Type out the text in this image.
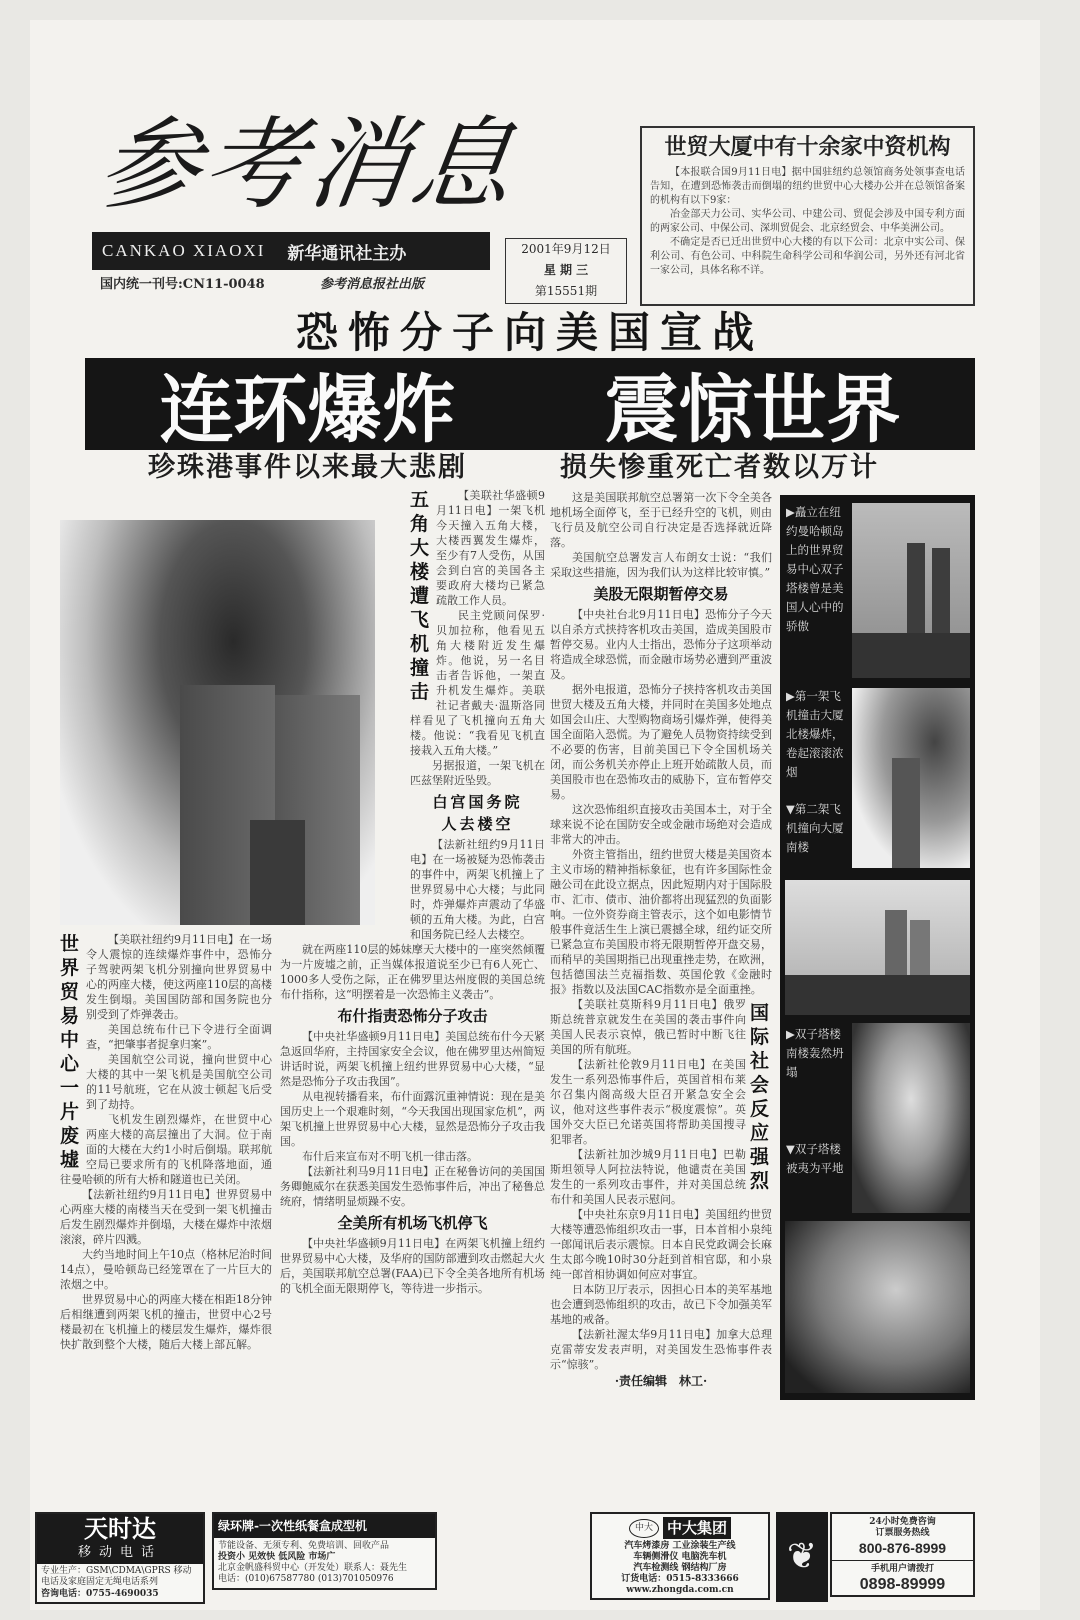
参考消息
CANKAO XIAOXI 新华通讯社主办
国内统一刊号:CN11-0048	参考消息报社出版
2001年9月12日
星 期 三
第15551期
世贸大厦中有十余家中资机构

【本报联合国9月11日电】据中国驻纽约总领馆商务处领事查电话告知，在遭到恐怖袭击而倒塌的纽约世贸中心大楼办公并在总领馆备案的机构有以下9家：

冶金部天力公司、实华公司、中建公司、贸促会涉及中国专利方面的两家公司、中保公司、深圳贸促会、北京经贸会、中华美洲公司。

不确定是否已迁出世贸中心大楼的有以下公司：北京中实公司、保利公司、有色公司、中科院生命科学公司和华润公司，另外还有河北省一家公司，具体名称不详。

恐怖分子向美国宣战
连环爆炸 震惊世界
珍珠港事件以来最大悲剧	损失惨重死亡者数以万计
五角大楼遭飞机撞击

【美联社华盛顿9月11日电】一架飞机今天撞入五角大楼，大楼西翼发生爆炸，至少有7人受伤，从国会到白宫的美国各主要政府大楼均已紧急疏散工作人员。

民主党顾问保罗·贝加拉称，他看见五角大楼附近发生爆炸。他说，另一名目击者告诉他，一架直升机发生爆炸。美联社记者戴夫·温斯洛同样看见了飞机撞向五角大楼。他说：“我看见飞机直接栽入五角大楼。”

另据报道，一架飞机在匹兹堡附近坠毁。

白宫国务院
人去楼空

【法新社纽约9月11日电】在一场被疑为恐怖袭击的事件中，两架飞机撞上了世界贸易中心大楼；与此同时，炸弹爆炸声震动了华盛顿的五角大楼。为此，白宫和国务院已经人去楼空。

就在两座110层的姊妹摩天大楼中的一座突然倾覆为一片废墟之前，正当媒体报道说至少已有6人死亡、1000多人受伤之际，正在佛罗里达州度假的美国总统布什指称，这“明摆着是一次恐怖主义袭击”。

布什指责恐怖分子攻击

【中央社华盛顿9月11日电】美国总统布什今天紧急返回华府，主持国家安全会议，他在佛罗里达州简短讲话时说，两架飞机撞上纽约世界贸易中心大楼，“显然是恐怖分子攻击我国”。

从电视转播看来，布什面露沉重神情说：现在是美国历史上一个艰难时刻，“今天我国出现国家危机”，两架飞机撞上世界贸易中心大楼，显然是恐怖分子攻击我国。

布什后来宣布对不明飞机一律击落。

【法新社利马9月11日电】正在秘鲁访问的美国国务卿鲍威尔在获悉美国发生恐怖事件后，冲出了秘鲁总统府，情绪明显烦躁不安。

全美所有机场飞机停飞

【中央社华盛顿9月11日电】在两架飞机撞上纽约世界贸易中心大楼，及华府的国防部遭到攻击燃起大火后，美国联邦航空总署(FAA)已下令全美各地所有机场的飞机全面无限期停飞，等待进一步指示。

这是美国联邦航空总署第一次下令全美各地机场全面停飞，至于已经升空的飞机，则由飞行员及航空公司自行决定是否选择就近降落。

美国航空总署发言人布朗女士说：“我们采取这些措施，因为我们认为这样比较审慎。”

美股无限期暂停交易

【中央社台北9月11日电】恐怖分子今天以自杀方式挟持客机攻击美国，造成美国股市暂停交易。业内人士指出，恐怖分子这项举动将造成全球恐慌，而金融市场势必遭到严重波及。

据外电报道，恐怖分子挟持客机攻击美国世贸大楼及五角大楼，并同时在美国多处地点如国会山庄、大型购物商场引爆炸弹，使得美国全面陷入恐慌。为了避免人员物资持续受到不必要的伤害，目前美国已下令全国机场关闭，而公务机关亦停止上班开始疏散人员，而美国股市也在恐怖攻击的威胁下，宣布暂停交易。

这次恐怖组织直接攻击美国本土，对于全球来说不论在国防安全或金融市场绝对会造成非常大的冲击。

外资主管指出，纽约世贸大楼是美国资本主义市场的精神指标象征，也有许多国际性金融公司在此设立据点，因此短期内对于国际股市、汇市、债市、油价都将出现猛烈的负面影响。一位外资券商主管表示，这个如电影情节般事件竟活生生上演已震撼全球，纽约证交所已紧急宣布美国股市将无限期暂停开盘交易，而稍早的美国期指已出现重挫走势，在欧洲，包括德国法兰克福指数、英国伦敦《金融时报》指数以及法国CAC指数亦是全面重挫。

国际社会反应强烈

【美联社莫斯科9月11日电】俄罗斯总统普京就发生在美国的袭击事件向美国人民表示哀悼，俄已暂时中断飞往美国的所有航班。

【法新社伦敦9月11日电】在美国发生一系列恐怖事件后，英国首相布莱尔召集内阁高级大臣召开紧急安全会议，他对这些事件表示“极度震惊”。英国外交大臣已允诺英国将帮助美国搜寻犯罪者。

【法新社加沙城9月11日电】巴勒斯坦领导人阿拉法特说，他谴责在美国发生的一系列攻击事件，并对美国总统布什和美国人民表示慰问。

【中央社东京9月11日电】美国纽约世贸大楼等遭恐怖组织攻击一事，日本首相小泉纯一郎闻讯后表示震惊。日本自民党政调会长麻生太郎今晚10时30分赶到首相官邸，和小泉纯一郎首相协调如何应对事宜。

日本防卫厅表示，因担心日本的美军基地也会遭到恐怖组织的攻击，故已下令加强美军基地的戒备。

【法新社渥太华9月11日电】加拿大总理克雷蒂安发表声明，对美国发生恐怖事件表示“惊骇”。

·责任编辑　林工·
世界贸易中心一片废墟

【美联社纽约9月11日电】在一场令人震惊的连续爆炸事件中，恐怖分子驾驶两架飞机分别撞向世界贸易中心的两座大楼，使这两座110层的高楼发生倒塌。美国国防部和国务院也分别受到了炸弹袭击。

美国总统布什已下令进行全面调查，“把肇事者捉拿归案”。

美国航空公司说，撞向世贸中心大楼的其中一架飞机是美国航空公司的11号航班，它在从波士顿起飞后受到了劫持。

飞机发生剧烈爆炸，在世贸中心两座大楼的高层撞出了大洞。位于南面的大楼在大约1小时后倒塌。联邦航空局已要求所有的飞机降落地面，通往曼哈顿的所有大桥和隧道也已关闭。

【法新社纽约9月11日电】世界贸易中心两座大楼的南楼当天在受到一架飞机撞击后发生剧烈爆炸并倒塌，大楼在爆炸中浓烟滚滚，碎片四溅。

大约当地时间上午10点（格林尼治时间14点），曼哈顿岛已经笼罩在了一片巨大的浓烟之中。

世界贸易中心的两座大楼在相距18分钟后相继遭到两架飞机的撞击，世贸中心2号楼最初在飞机撞上的楼层发生爆炸，爆炸很快扩散到整个大楼，随后大楼上部瓦解。

▶矗立在纽约曼哈顿岛上的世界贸易中心双子塔楼曾是美国人心中的骄傲
▶第一架飞机撞击大厦北楼爆炸，卷起滚滚浓烟
▼第二架飞机撞向大厦南楼
▶双子塔楼南楼轰然坍塌
▼双子塔楼被夷为平地
天时达
移动电话
专业生产：GSM\CDMA\GPRS 移动电话及家庭固定无绳电话系列
咨询电话：0755-4690035
绿环牌-一次性纸餐盒成型机
节能设备、无须专利、免费培训、回收产品
投资小 见效快 低风险 市场广
北京金帆盛科贸中心（开发处）联系人：聂先生
电话：(010)67587780 (013)701050976
中大 中大集团
汽车烤漆房 工业涂装生产线
车辆侧滑仪 电脑洗车机
汽车检测线 钢结构厂房
订货电话：0515-8333666
www.zhongda.com.cn
❦
24小时免费咨询
订票服务热线
800-876-8999
手机用户请拨打
0898-89999
